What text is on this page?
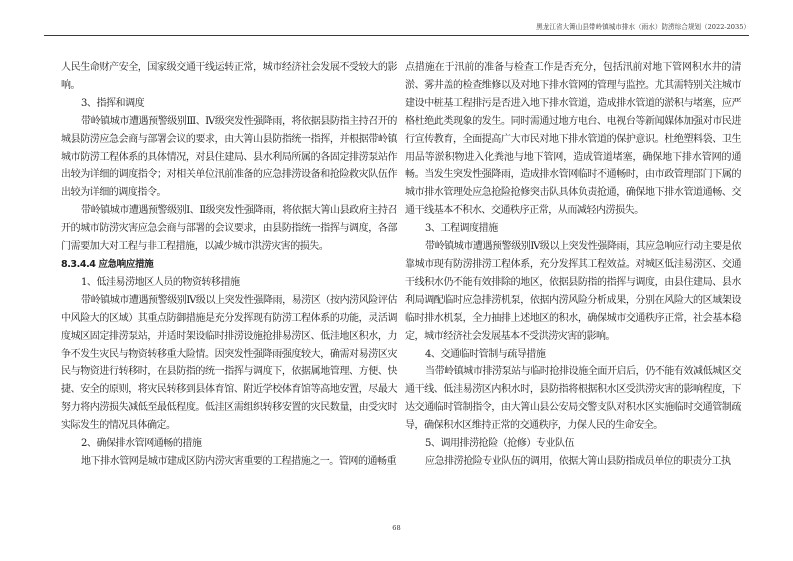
黑龙江省大箐山县带岭镇城市排水（雨水）防涝综合规划（2022-2035）

人民生命财产安全，国家级交通干线运转正常，城市经济社会发展不受较大的影响。

3、指挥和调度

带岭镇城市遭遇预警级别Ⅲ、Ⅳ级突发性强降雨，将依据县防指主持召开的城县防涝应急会商与部署会议的要求，由大箐山县防指统一指挥，并根据带岭镇城市防涝工程体系的具体情况，对县住建局、县水利局所属的各固定排涝泵站作出较为详细的调度指令；对相关单位汛前准备的应急排涝设备和抢险救灾队伍作出较为详细的调度指令。

带岭镇城市遭遇预警级别Ⅰ、Ⅱ级突发性强降雨，将依据大箐山县政府主持召开的城市防涝灾害应急会商与部署的会议要求，由县防指统一指挥与调度，各部门需要加大对工程与非工程措施，以减少城市洪涝灾害的损失。

8.3.4.4 应急响应措施

1、低洼易涝地区人员的物资转移措施

带岭镇城市遭遇预警级别Ⅳ级以上突发性强降雨，易涝区（按内涝风险评估中风险大的区域）其重点防御措施是充分发挥现有防涝工程体系的功能，灵活调度城区固定排涝泵站，并适时架设临时排涝设施抢排易涝区、低洼地区积水，力争不发生灾民与物资转移重大险情。因突发性强降雨强度较大，确需对易涝区灾民与物资进行转移时，在县防指的统一指挥与调度下，依据属地管理、方便、快捷、安全的原则，将灾民转移到县体育馆、附近学校体育馆等高地安置，尽最大努力将内涝损失减低至最低程度。低洼区需组织转移安置的灾民数量，由受灾时实际发生的情况具体确定。

2、确保排水管网通畅的措施

地下排水管网是城市建成区防内涝灾害重要的工程措施之一。管网的通畅重

点措施在于汛前的准备与检查工作是否充分，包括汛前对地下管网积水井的清淤、雾井盖的检查维修以及对地下排水管网的管理与监控。尤其需特别关注城市建设中桩基工程排污是否进入地下排水管道，造成排水管道的淤积与堵塞，应严格杜绝此类现象的发生。同时需通过地方电台、电视台等新闻媒体加强对市民进行宣传教育，全面提高广大市民对地下排水管道的保护意识。杜绝塑料袋、卫生用品等淤积物进入化粪池与地下管网，造成管道堵塞，确保地下排水管网的通畅。当发生突发性强降雨，造成排水管网临时不通畅时，由市政管理部门下属的城市排水管理处应急抢险抢修突击队具体负责抢通，确保地下排水管道通畅、交通干线基本不积水、交通秩序正常，从而减轻内涝损失。

3、工程调度措施

带岭镇城市遭遇预警级别Ⅳ级以上突发性强降雨，其应急响应行动主要是依靠城市现有防涝排涝工程体系，充分发挥其工程效益。对城区低洼易涝区、交通干线积水仍不能有效排除的地区，依据县防指的指挥与调度，由县住建局、县水利局调配临时应急排涝机泵，依据内涝风险分析成果，分别在风险大的区域架设临时排水机泵，全力抽排上述地区的积水，确保城市交通秩序正常，社会基本稳定，城市经济社会发展基本不受洪涝灾害的影响。

4、交通临时管制与疏导措施

当带岭镇城市排涝泵站与临时抢排设施全面开启后，仍不能有效减低城区交通干线、低洼易涝区内积水时，县防指将根据积水区受洪涝灾害的影响程度，下达交通临时管制指令，由大箐山县公安局交警支队对积水区实施临时交通管制疏导，确保积水区维持正常的交通秩序，力保人民的生命安全。

5、调用排涝抢险（抢修）专业队伍

应急排涝抢险专业队伍的调用，依据大箐山县防指成员单位的职责分工执

68
